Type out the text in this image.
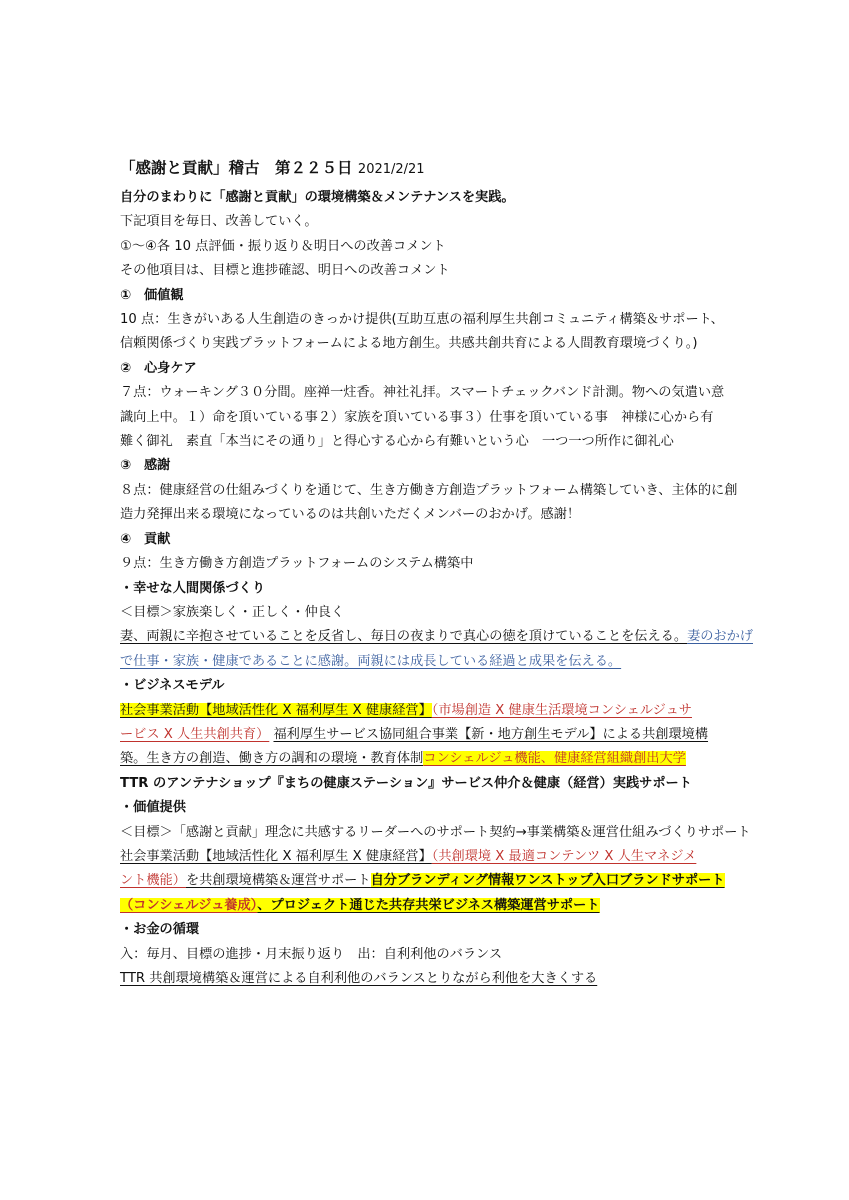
「感謝と貢献」稽古　第２２５日 2021/2/21
自分のまわりに「感謝と貢献」の環境構築＆メンテナンスを実践。
下記項目を毎日、改善していく。
①～④各 10 点評価・振り返り＆明日への改善コメント
その他項目は、目標と進捗確認、明日への改善コメント
① 価値観
10 点：生きがいある人生創造のきっかけ提供(互助互恵の福利厚生共創コミュニティ構築＆サポート、
信頼関係づくり実践プラットフォームによる地方創生。共感共創共育による人間教育環境づくり。)
② 心身ケア
７点：ウォーキング３０分間。座禅一炷香。神社礼拝。スマートチェックバンド計測。物への気遣い意
識向上中。１）命を頂いている事２）家族を頂いている事３）仕事を頂いている事　神様に心から有
難く御礼　素直「本当にその通り」と得心する心から有難いという心　一つ一つ所作に御礼心
③ 感謝
８点：健康経営の仕組みづくりを通じて、生き方働き方創造プラットフォーム構築していき、主体的に創
造力発揮出来る環境になっているのは共創いただくメンバーのおかげ。感謝！
④ 貢献
９点：生き方働き方創造プラットフォームのシステム構築中
・幸せな人間関係づくり
＜目標＞家族楽しく・正しく・仲良く
妻、両親に辛抱させていることを反省し、毎日の夜まりで真心の徳を頂けていることを伝える。妻のおかげ
で仕事・家族・健康であることに感謝。両親には成長している経過と成果を伝える。
・ビジネスモデル
社会事業活動【地域活性化 X 福利厚生 X 健康経営】（市場創造 X 健康生活環境コンシェルジュサ
ービス X 人生共創共育） 福利厚生サービス協同組合事業【新・地方創生モデル】による共創環境構
築。生き方の創造、働き方の調和の環境・教育体制コンシェルジュ機能、健康経営組織創出大学
TTR のアンテナショップ『まちの健康ステーション』サービス仲介＆健康（経営）実践サポート
・価値提供
＜目標＞「感謝と貢献」理念に共感するリーダーへのサポート契約→事業構築＆運営仕組みづくりサポート
社会事業活動【地域活性化 X 福利厚生 X 健康経営】（共創環境 X 最適コンテンツ X 人生マネジメ
ント機能）を共創環境構築＆運営サポート自分ブランディング情報ワンストップ入口ブランドサポート
（コンシェルジュ養成）、プロジェクト通じた共存共栄ビジネス構築運営サポート
・お金の循環
入：毎月、目標の進捗・月末振り返り　出：自利利他のバランス
TTR 共創環境構築＆運営による自利利他のバランスとりながら利他を大きくする
